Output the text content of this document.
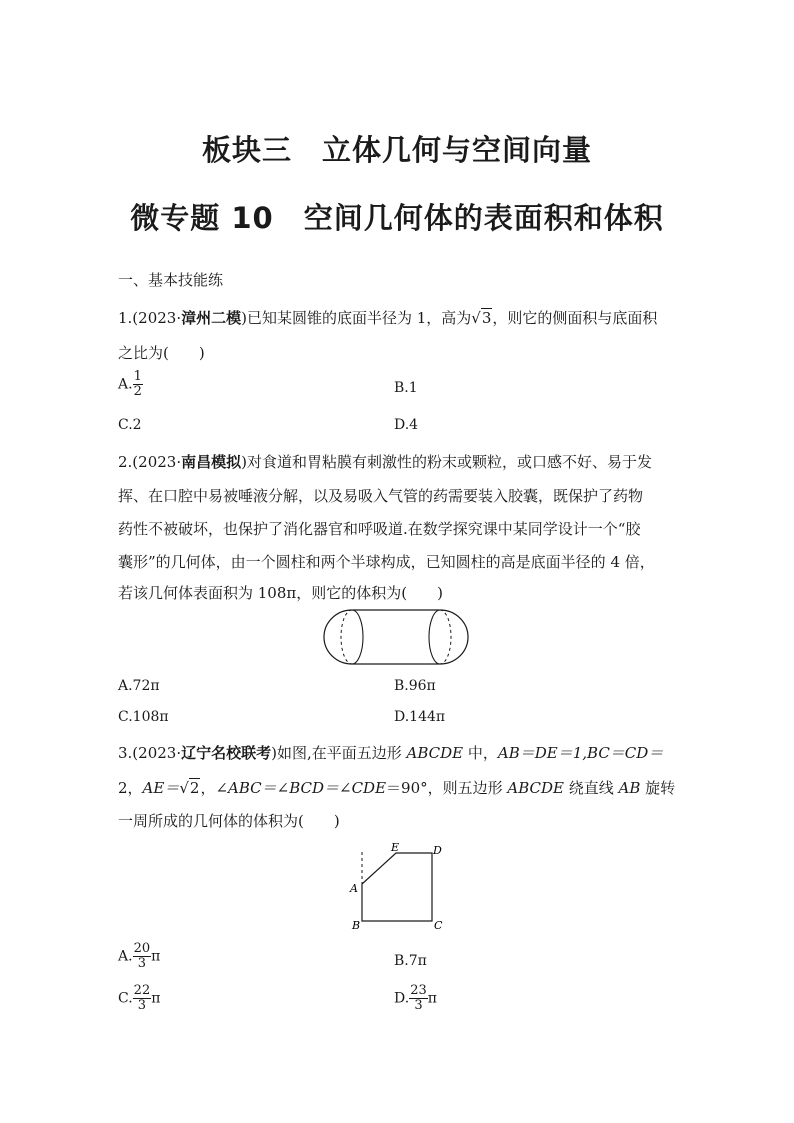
板块三　立体几何与空间向量
微专题 10　空间几何体的表面积和体积
一、基本技能练
1.(2023·漳州二模)已知某圆锥的底面半径为 1，高为√3，则它的侧面积与底面积
之比为(　　)
A. $\frac{1}{2}$	B.1
C.2	D.4
2.(2023·南昌模拟)对食道和胃粘膜有刺激性的粉末或颗粒，或口感不好、易于发
挥、在口腔中易被唾液分解，以及易吸入气管的药需要装入胶囊，既保护了药物
药性不被破坏，也保护了消化器官和呼吸道.在数学探究课中某同学设计一个“胶
囊形”的几何体，由一个圆柱和两个半球构成，已知圆柱的高是底面半径的 4 倍，
若该几何体表面积为 108π，则它的体积为(　　)
A.72π	B.96π
C.108π	D.144π
3.(2023·辽宁名校联考)如图,在平面五边形 ABCDE 中，AB＝DE＝1,BC＝CD＝
2，AE＝√2，∠ABC＝∠BCD＝∠CDE＝90°，则五边形 ABCDE 绕直线 AB 旋转
一周所成的几何体的体积为(　　)
A
B	C
D
E
A. $\frac{20}{3}$ π	B.7π
C. $\frac{22}{3}$ π	D. $\frac{23}{3}$ π
